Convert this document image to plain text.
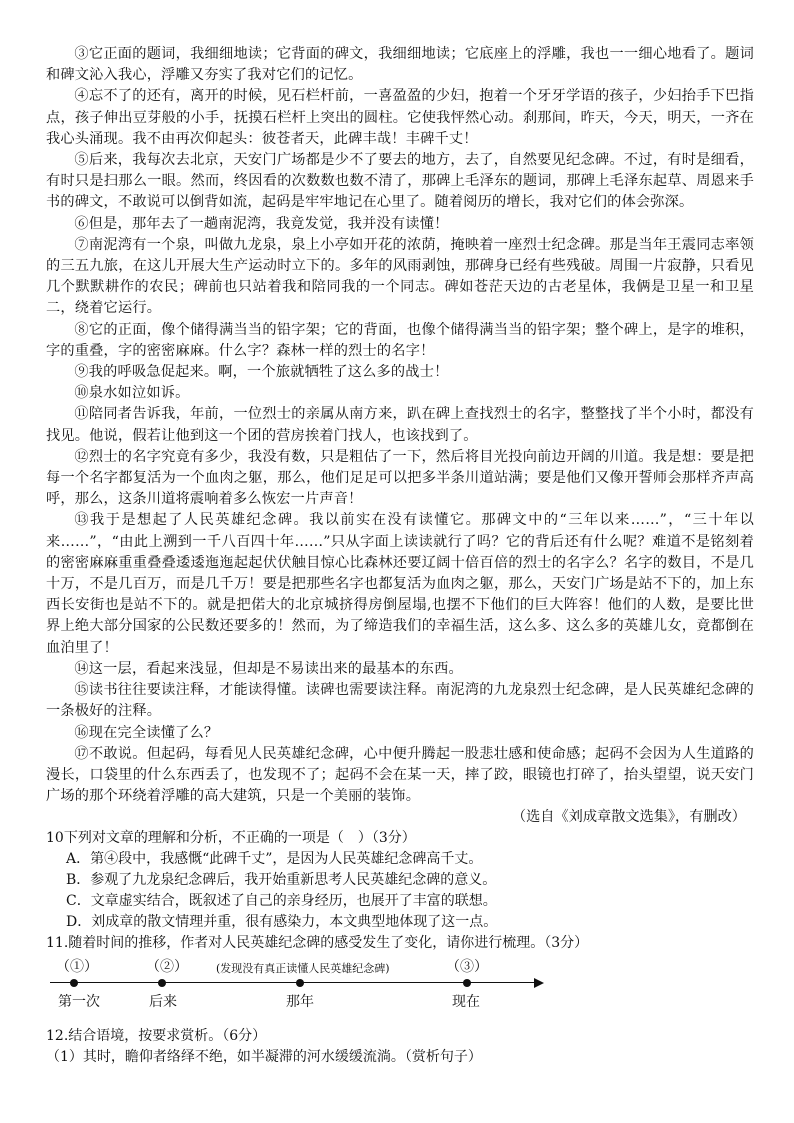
③它正面的题词，我细细地读；它背面的碑文，我细细地读；它底座上的浮雕，我也一一细心地看了。题词和碑文沁入我心，浮雕又夯实了我对它们的记忆。

④忘不了的还有，离开的时候，见石栏杆前，一喜盈盈的少妇，抱着一个牙牙学语的孩子，少妇抬手下巴指点，孩子伸出豆芽般的小手，抚摸石栏杆上突出的圆柱。它使我怦然心动。刹那间，昨天，今天，明天，一齐在我心头涌现。我不由再次仰起头：彼苍者天，此碑丰哉！丰碑千丈！

⑤后来，我每次去北京，天安门广场都是少不了要去的地方，去了，自然要见纪念碑。不过，有时是细看，有时只是扫那么一眼。然而，终因看的次数数也数不清了，那碑上毛泽东的题词，那碑上毛泽东起草、周恩来手书的碑文，不敢说可以倒背如流，起码是牢牢地记在心里了。随着阅历的增长，我对它们的体会弥深。

⑥但是，那年去了一趟南泥湾，我竟发觉，我并没有读懂！

⑦南泥湾有一个泉，叫做九龙泉，泉上小亭如开花的浓荫，掩映着一座烈士纪念碑。那是当年王震同志率领的三五九旅，在这儿开展大生产运动时立下的。多年的风雨剥蚀，那碑身已经有些残破。周围一片寂静，只看见几个默默耕作的农民；碑前也只站着我和陪同我的一个同志。碑如苍茫天边的古老星体，我俩是卫星一和卫星二，绕着它运行。

⑧它的正面，像个储得满当当的铅字架；它的背面，也像个储得满当当的铅字架；整个碑上，是字的堆积，字的重叠，字的密密麻麻。什么字？森林一样的烈士的名字！

⑨我的呼吸急促起来。啊，一个旅就牺牲了这么多的战士！

⑩泉水如泣如诉。

⑪陪同者告诉我，年前，一位烈士的亲属从南方来，趴在碑上查找烈士的名字，整整找了半个小时，都没有找见。他说，假若让他到这一个团的营房挨着门找人，也该找到了。

⑫烈士的名字究竟有多少，我没有数，只是粗估了一下，然后将目光投向前边开阔的川道。我是想：要是把每一个名字都复活为一个血肉之躯，那么，他们足足可以把多半条川道站满；要是他们又像开誓师会那样齐声高呼，那么，这条川道将震响着多么恢宏一片声音！

⑬我于是想起了人民英雄纪念碑。我以前实在没有读懂它。那碑文中的“三年以来……”，“三十年以来……”，“由此上溯到一千八百四十年……”只从字面上读读就行了吗？它的背后还有什么呢？难道不是铭刻着的密密麻麻重重叠叠逶逶迤迤起起伏伏触目惊心比森林还要辽阔十倍百倍的烈士的名字么？名字的数目，不是几十万，不是几百万，而是几千万！要是把那些名字也都复活为血肉之躯，那么，天安门广场是站不下的，加上东西长安街也是站不下的。就是把偌大的北京城挤得房倒屋塌,也摆不下他们的巨大阵容！他们的人数，是要比世界上绝大部分国家的公民数还要多的！然而，为了缔造我们的幸福生活，这么多、这么多的英雄儿女，竟都倒在血泊里了！

⑭这一层，看起来浅显，但却是不易读出来的最基本的东西。

⑮读书往往要读注释，才能读得懂。读碑也需要读注释。南泥湾的九龙泉烈士纪念碑，是人民英雄纪念碑的一条极好的注释。

⑯现在完全读懂了么？

⑰不敢说。但起码，每看见人民英雄纪念碑，心中便升腾起一股悲壮感和使命感；起码不会因为人生道路的漫长，口袋里的什么东西丢了，也发现不了；起码不会在某一天，摔了跤，眼镜也打碎了，抬头望望，说天安门广场的那个环绕着浮雕的高大建筑，只是一个美丽的装饰。

（选自《刘成章散文选集》，有删改）

10下列对文章的理解和分析，不正确的一项是（　）（3分）

A．第④段中，我感慨“此碑千丈”，是因为人民英雄纪念碑高千丈。

B．参观了九龙泉纪念碑后，我开始重新思考人民英雄纪念碑的意义。

C．文章虚实结合，既叙述了自己的亲身经历，也展开了丰富的联想。

D．刘成章的散文情理并重，很有感染力，本文典型地体现了这一点。

11.随着时间的推移，作者对人民英雄纪念碑的感受发生了变化，请你进行梳理。（3分）

（①）	（②）	(发现没有真正读懂人民英雄纪念碑)	（③）
第一次	后来	那年	现在

12.结合语境，按要求赏析。（6分）

（1）其时，瞻仰者络绎不绝，如半凝滞的河水缓缓流淌。（赏析句子）
